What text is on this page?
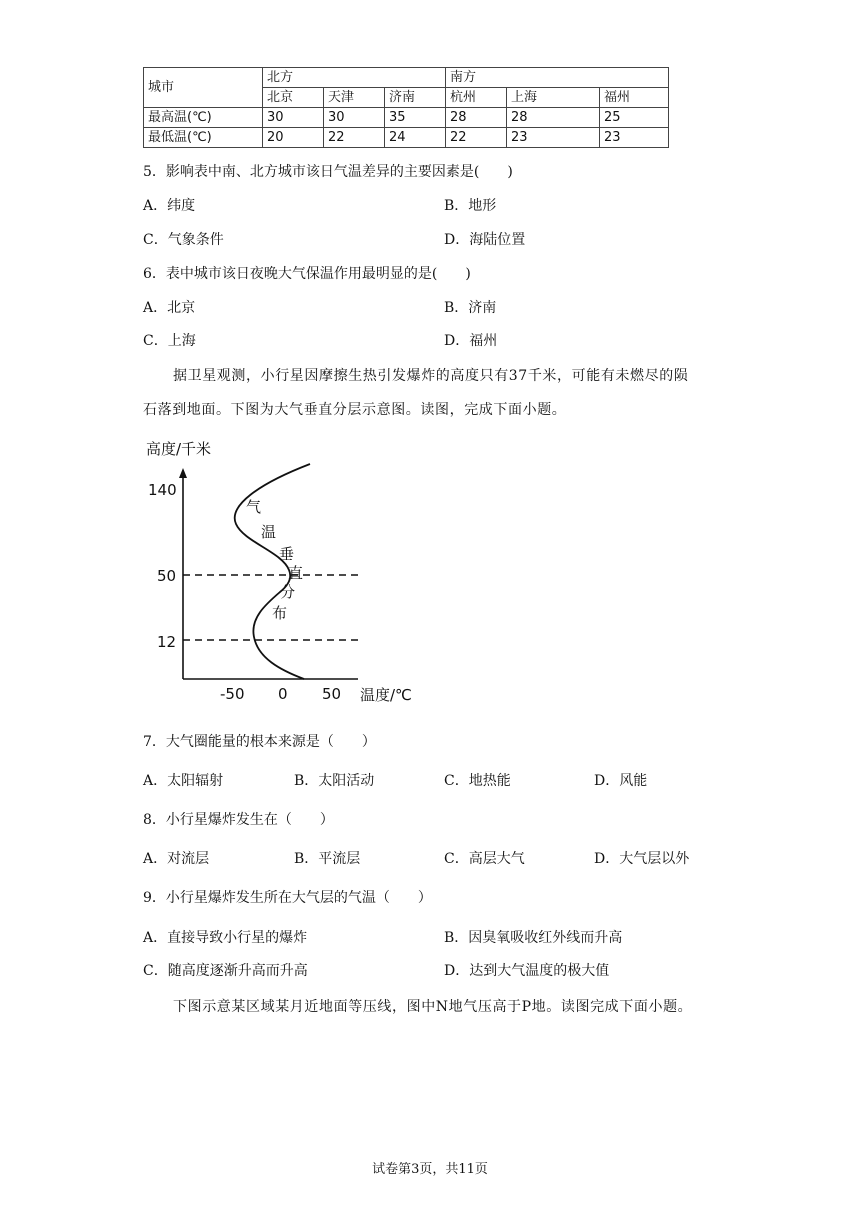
城市	北方			南方		
	北京	天津	济南	杭州	上海	福州
最高温(℃)	30	30	35	28	28	25
最低温(℃)	20	22	24	22	23	23
5．影响表中南、北方城市该日气温差异的主要因素是(　　)
A．纬度	B．地形
C．气象条件	D．海陆位置
6．表中城市该日夜晚大气保温作用最明显的是(　　)
A．北京	B．济南
C．上海	D．福州
据卫星观测，小行星因摩擦生热引发爆炸的高度只有37千米，可能有未燃尽的陨
石落到地面。下图为大气垂直分层示意图。读图，完成下面小题。
高度/千米
140
50
12
气
温
垂
直
分
布
-50 0 50 温度/℃
7．大气圈能量的根本来源是（　　）
A．太阳辐射	B．太阳活动	C．地热能	D．风能
8．小行星爆炸发生在（　　）
A．对流层	B．平流层	C．高层大气	D．大气层以外
9．小行星爆炸发生所在大气层的气温（　　）
A．直接导致小行星的爆炸	B．因臭氧吸收红外线而升高
C．随高度逐渐升高而升高	D．达到大气温度的极大值
下图示意某区域某月近地面等压线，图中N地气压高于P地。读图完成下面小题。
试卷第3页，共11页
